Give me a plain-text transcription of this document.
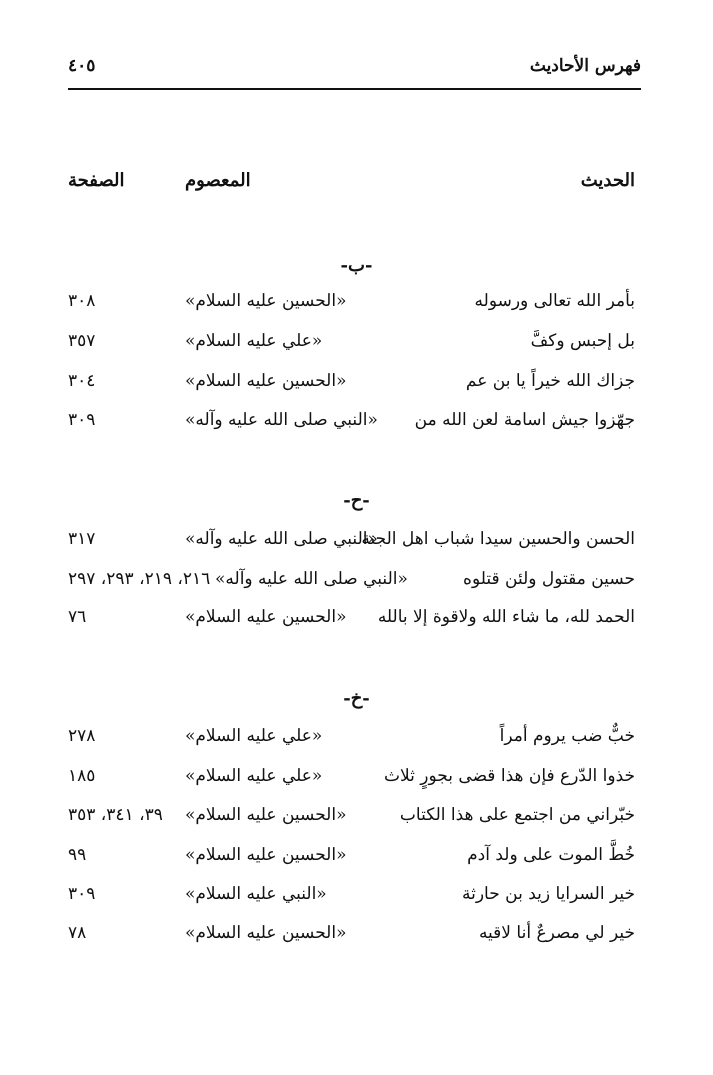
فهرس الأحاديث
٤٠٥
الحديث
المعصوم
الصفحة
-ب-
بأمر الله تعالى ورسوله
«الحسين عليه السلام»
٣٠٨
بل إحبس وكفَّ
«علي عليه السلام»
٣٥٧
جزاك الله خيراً يا بن عم
«الحسين عليه السلام»
٣٠٤
جهّزوا جيش اسامة لعن الله من
«النبي صلى الله عليه وآله»
٣٠٩
-ح-
الحسن والحسين سيدا شباب اهل الجنة
«النبي صلى الله عليه وآله»
٣١٧
حسين مقتول ولئن قتلوه
«النبي صلى الله عليه وآله»
٢١٦، ٢١٩، ٢٩٣، ٢٩٧
الحمد لله، ما شاء الله ولاقوة إلا بالله
«الحسين عليه السلام»
٧٦
-خ-
خبٌّ ضب يروم أمراً
«علي عليه السلام»
٢٧٨
خذوا الدّرع فإن هذا قضى بجورٍ ثلاث
«علي عليه السلام»
١٨٥
خبّراني من اجتمع على هذا الكتاب
«الحسين عليه السلام»
٣٩، ٣٤١، ٣٥٣
خُطَّ الموت على ولد آدم
«الحسين عليه السلام»
٩٩
خير السرايا زيد بن حارثة
«النبي عليه السلام»
٣٠٩
خير لي مصرعٌ أنا لاقيه
«الحسين عليه السلام»
٧٨
